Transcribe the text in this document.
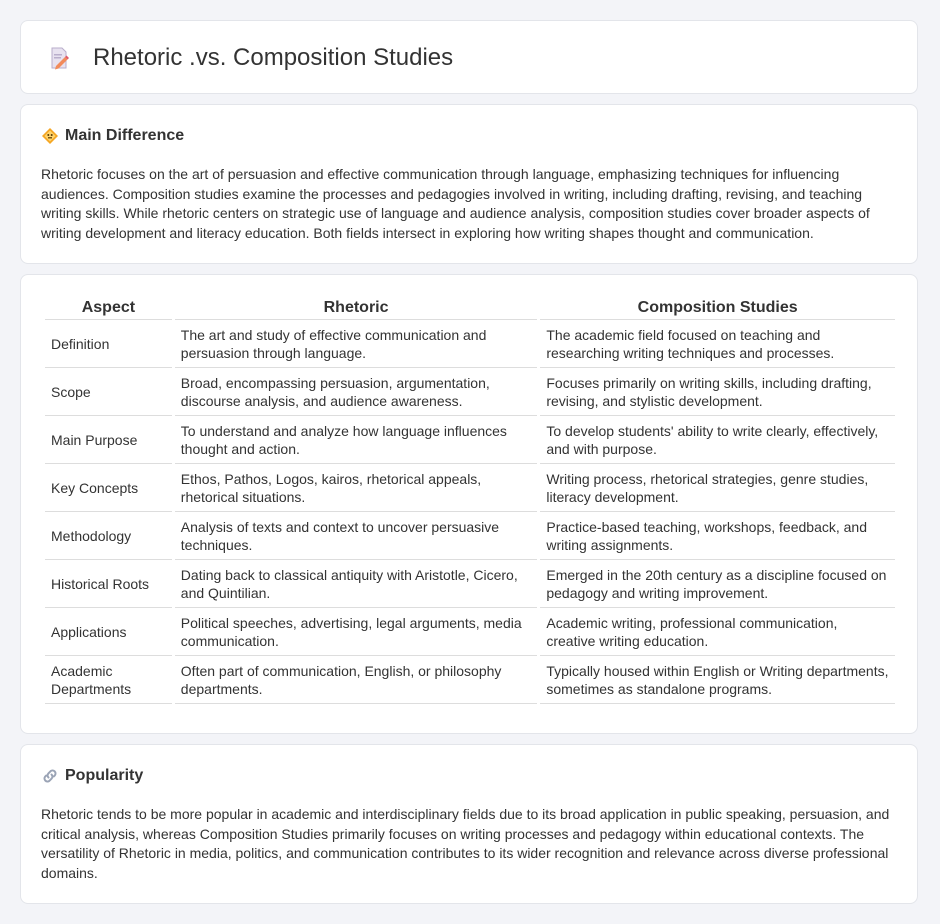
Rhetoric .vs. Composition Studies
Main Difference

Rhetoric focuses on the art of persuasion and effective communication through language, emphasizing techniques for influencing audiences. Composition studies examine the processes and pedagogies involved in writing, including drafting, revising, and teaching writing skills. While rhetoric centers on strategic use of language and audience analysis, composition studies cover broader aspects of writing development and literacy education. Both fields intersect in exploring how writing shapes thought and communication.

Aspect	Rhetoric	Composition Studies
Definition	The art and study of effective communication and persuasion through language.	The academic field focused on teaching and researching writing techniques and processes.
Scope	Broad, encompassing persuasion, argumentation, discourse analysis, and audience awareness.	Focuses primarily on writing skills, including drafting, revising, and stylistic development.
Main Purpose	To understand and analyze how language influences thought and action.	To develop students' ability to write clearly, effectively, and with purpose.
Key Concepts	Ethos, Pathos, Logos, kairos, rhetorical appeals, rhetorical situations.	Writing process, rhetorical strategies, genre studies, literacy development.
Methodology	Analysis of texts and context to uncover persuasive techniques.	Practice-based teaching, workshops, feedback, and writing assignments.
Historical Roots	Dating back to classical antiquity with Aristotle, Cicero, and Quintilian.	Emerged in the 20th century as a discipline focused on pedagogy and writing improvement.
Applications	Political speeches, advertising, legal arguments, media communication.	Academic writing, professional communication, creative writing education.
Academic Departments	Often part of communication, English, or philosophy departments.	Typically housed within English or Writing departments, sometimes as standalone programs.
Popularity

Rhetoric tends to be more popular in academic and interdisciplinary fields due to its broad application in public speaking, persuasion, and critical analysis, whereas Composition Studies primarily focuses on writing processes and pedagogy within educational contexts. The versatility of Rhetoric in media, politics, and communication contributes to its wider recognition and relevance across diverse professional domains.
